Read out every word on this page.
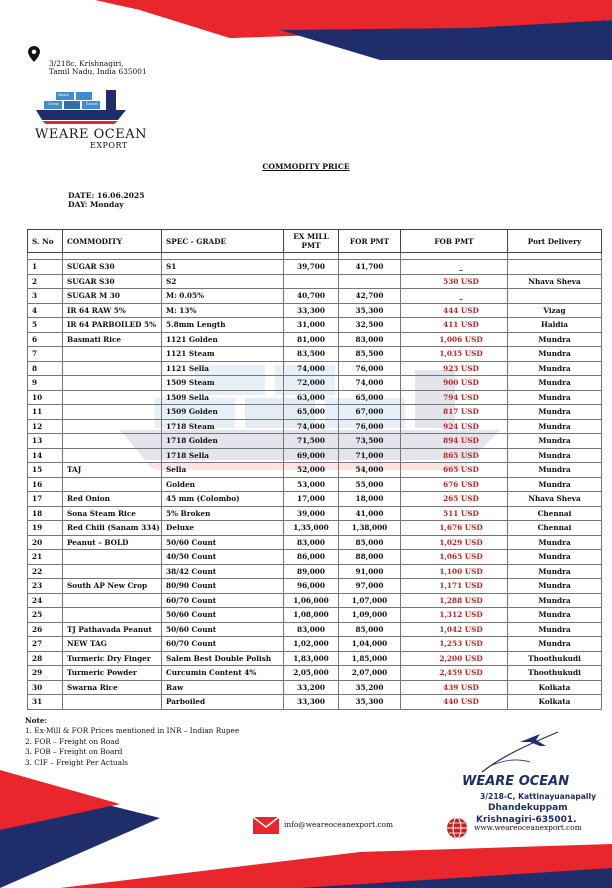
3/218c, Krishnagiri,
Tamil Nadu, India 635001
Tele: 04343 292599
Phone: +91 72001 80398
Weare
Ocean	Export
WEARE OCEAN
EXPORT
COMMODITY PRICE
DATE: 16.06.2025
DAY: Monday
S. No	COMMODITY	SPEC - GRADE	EX MILL PMT	FOR PMT	FOB PMT	Port Delivery

1	SUGAR S30	S1	39,700	41,700	_	
2	SUGAR S30	S2			530 USD	Nhava Sheva
3	SUGAR M 30	M: 0.05%	40,700	42,700	_	
4	IR 64 RAW 5%	M: 13%	33,300	35,300	444 USD	Vizag
5	IR 64 PARBOILED 5%	5.8mm Length	31,000	32,500	411 USD	Haldia
6	Basmati Rice	1121 Golden	81,000	83,000	1,006 USD	Mundra
7		1121 Steam	83,500	85,500	1,035 USD	Mundra
8		1121 Sella	74,000	76,000	923 USD	Mundra
9		1509 Steam	72,000	74,000	900 USD	Mundra
10		1509 Sella	63,000	65,000	794 USD	Mundra
11		1509 Golden	65,000	67,000	817 USD	Mundra
12		1718 Steam	74,000	76,000	924 USD	Mundra
13		1718 Golden	71,500	73,500	894 USD	Mundra
14		1718 Sella	69,000	71,000	865 USD	Mundra
15	TAJ	Sella	52,000	54,000	665 USD	Mundra
16		Golden	53,000	55,000	676 USD	Mundra
17	Red Onion	45 mm (Colombo)	17,000	18,000	265 USD	Nhava Sheva
18	Sona Steam Rice	5% Broken	39,000	41,000	511 USD	Chennai
19	Red Chili (Sanam 334)	Deluxe	1,35,000	1,38,000	1,676 USD	Chennai
20	Peanut – BOLD	50/60 Count	83,000	85,000	1,029 USD	Mundra
21		40/50 Count	86,000	88,000	1,065 USD	Mundra
22		38/42 Count	89,000	91,000	1,100 USD	Mundra
23	South AP New Crop	80/90 Count	96,000	97,000	1,171 USD	Mundra
24		60/70 Count	1,06,000	1,07,000	1,288 USD	Mundra
25		50/60 Count	1,08,000	1,09,000	1,312 USD	Mundra
26	TJ Pathavada Peanut	50/60 Count	83,000	85,000	1,042 USD	Mundra
27	NEW TAG	60/70 Count	1,02,000	1,04,000	1,253 USD	Mundra
28	Turmeric Dry Finger	Salem Best Double Polish	1,83,000	1,85,000	2,200 USD	Thoothukudi
29	Turmeric Powder	Curcumin Content 4%	2,05,000	2,07,000	2,459 USD	Thoothukudi
30	Swarna Rice	Raw	33,200	35,200	439 USD	Kolkata
31		Parboiled	33,300	35,300	440 USD	Kolkata
Note:
1. Ex-Mill & FOR Prices mentioned in INR – Indian Rupee
2. FOR – Freight on Road
3. FOB – Freight on Board
3. CIF – Freight Per Actuals
WEARE OCEAN
3/218-C, Kattinayuanapally
Dhandekuppam
Krishnagiri-635001.
info@weareoceanexport.com	www.weareoceanexport.com
